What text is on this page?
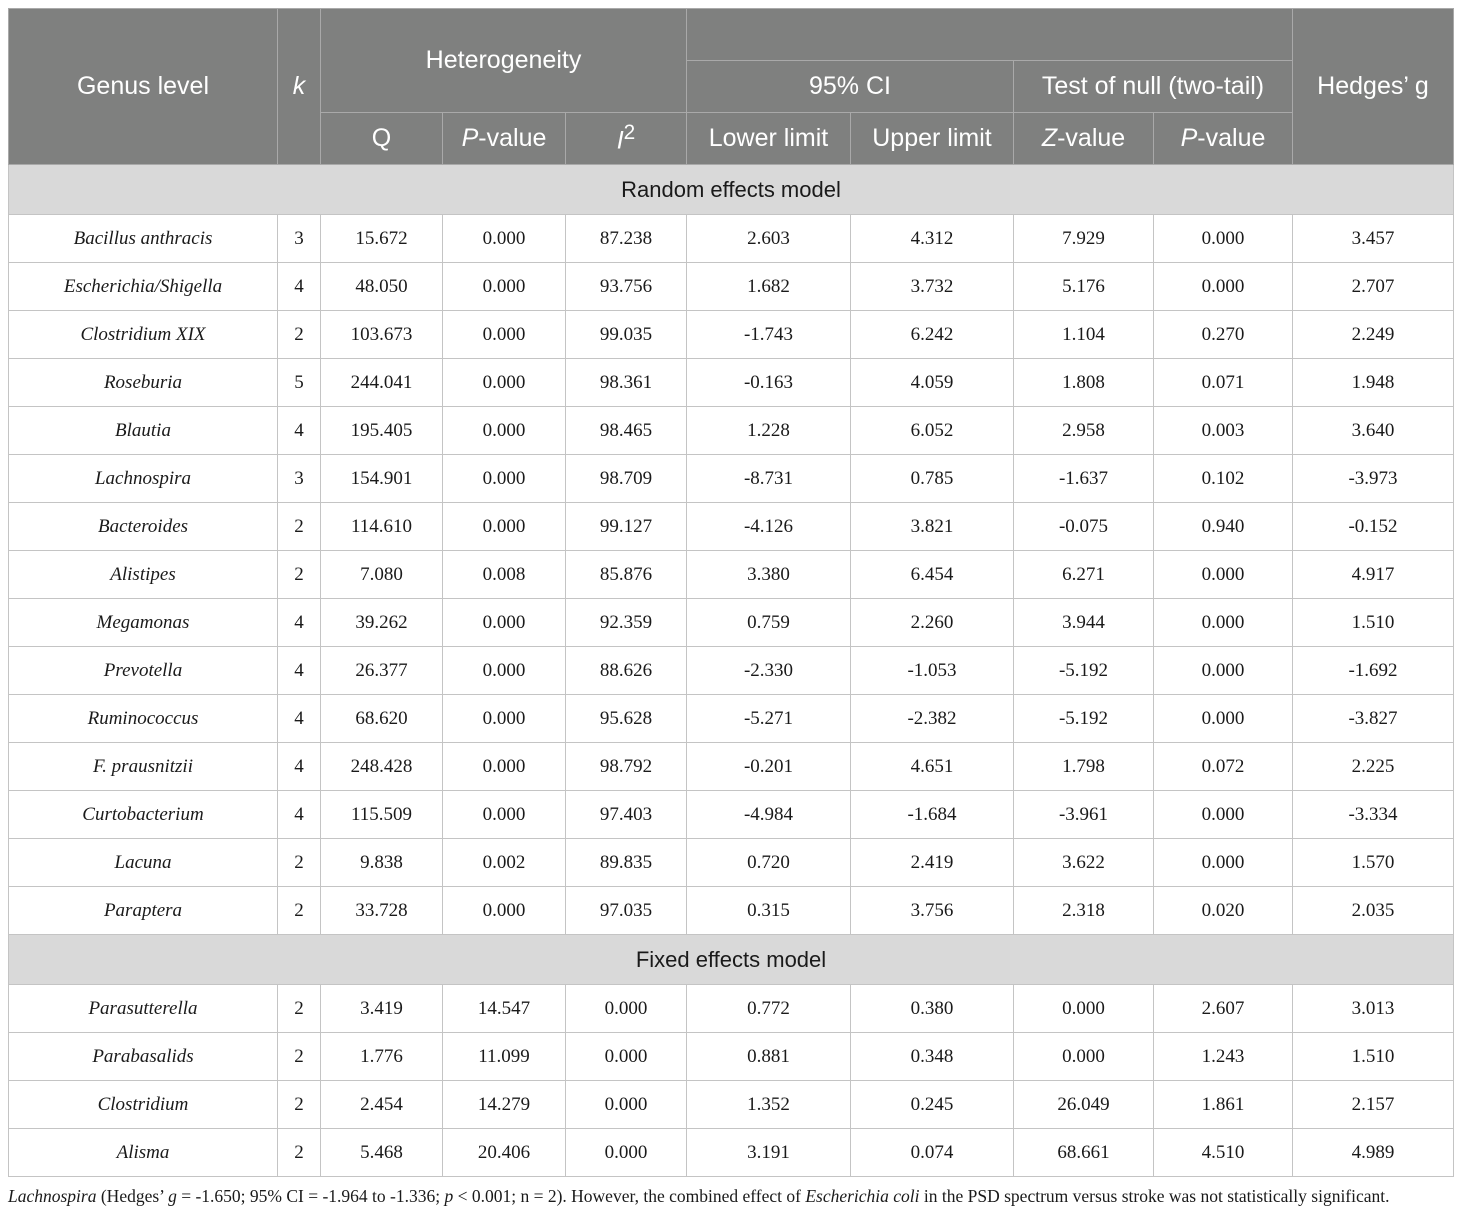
Genus level	k	Heterogeneity							Hedges’ g
					95% CI		Test of null (two-tail)		
		Q	P-value	$I^2$	Lower limit	Upper limit	Z-value	P-value	
Random effects model									
Bacillus anthracis	3	15.672	0.000	87.238	2.603	4.312	7.929	0.000	3.457
Escherichia/Shigella	4	48.050	0.000	93.756	1.682	3.732	5.176	0.000	2.707
Clostridium XIX	2	103.673	0.000	99.035	-1.743	6.242	1.104	0.270	2.249
Roseburia	5	244.041	0.000	98.361	-0.163	4.059	1.808	0.071	1.948
Blautia	4	195.405	0.000	98.465	1.228	6.052	2.958	0.003	3.640
Lachnospira	3	154.901	0.000	98.709	-8.731	0.785	-1.637	0.102	-3.973
Bacteroides	2	114.610	0.000	99.127	-4.126	3.821	-0.075	0.940	-0.152
Alistipes	2	7.080	0.008	85.876	3.380	6.454	6.271	0.000	4.917
Megamonas	4	39.262	0.000	92.359	0.759	2.260	3.944	0.000	1.510
Prevotella	4	26.377	0.000	88.626	-2.330	-1.053	-5.192	0.000	-1.692
Ruminococcus	4	68.620	0.000	95.628	-5.271	-2.382	-5.192	0.000	-3.827
F. prausnitzii	4	248.428	0.000	98.792	-0.201	4.651	1.798	0.072	2.225
Curtobacterium	4	115.509	0.000	97.403	-4.984	-1.684	-3.961	0.000	-3.334
Lacuna	2	9.838	0.002	89.835	0.720	2.419	3.622	0.000	1.570
Paraptera	2	33.728	0.000	97.035	0.315	3.756	2.318	0.020	2.035
Fixed effects model									
Parasutterella	2	3.419	14.547	0.000	0.772	0.380	0.000	2.607	3.013
Parabasalids	2	1.776	11.099	0.000	0.881	0.348	0.000	1.243	1.510
Clostridium	2	2.454	14.279	0.000	1.352	0.245	26.049	1.861	2.157
Alisma	2	5.468	20.406	0.000	3.191	0.074	68.661	4.510	4.989
Lachnospira (Hedges’ g = -1.650; 95% CI = -1.964 to -1.336; p < 0.001; n = 2). However, the combined effect of Escherichia coli in the PSD spectrum versus stroke was not statistically significant.
